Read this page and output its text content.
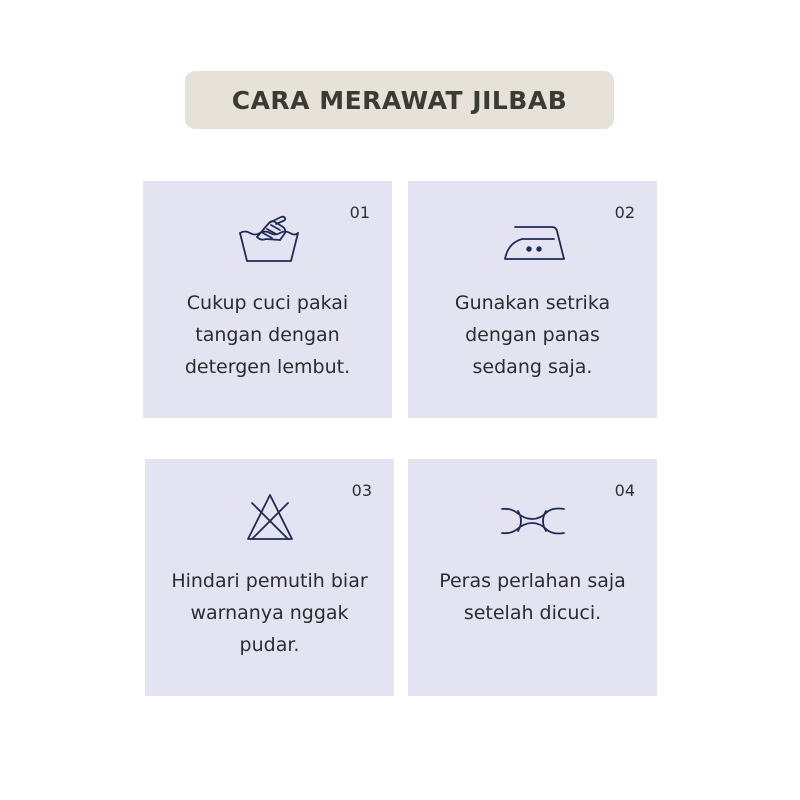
CARA MERAWAT JILBAB
01
Cukup cuci pakai
tangan dengan
detergen lembut.
02
Gunakan setrika
dengan panas
sedang saja.
03
Hindari pemutih biar
warnanya nggak
pudar.
04
Peras perlahan saja
setelah dicuci.
